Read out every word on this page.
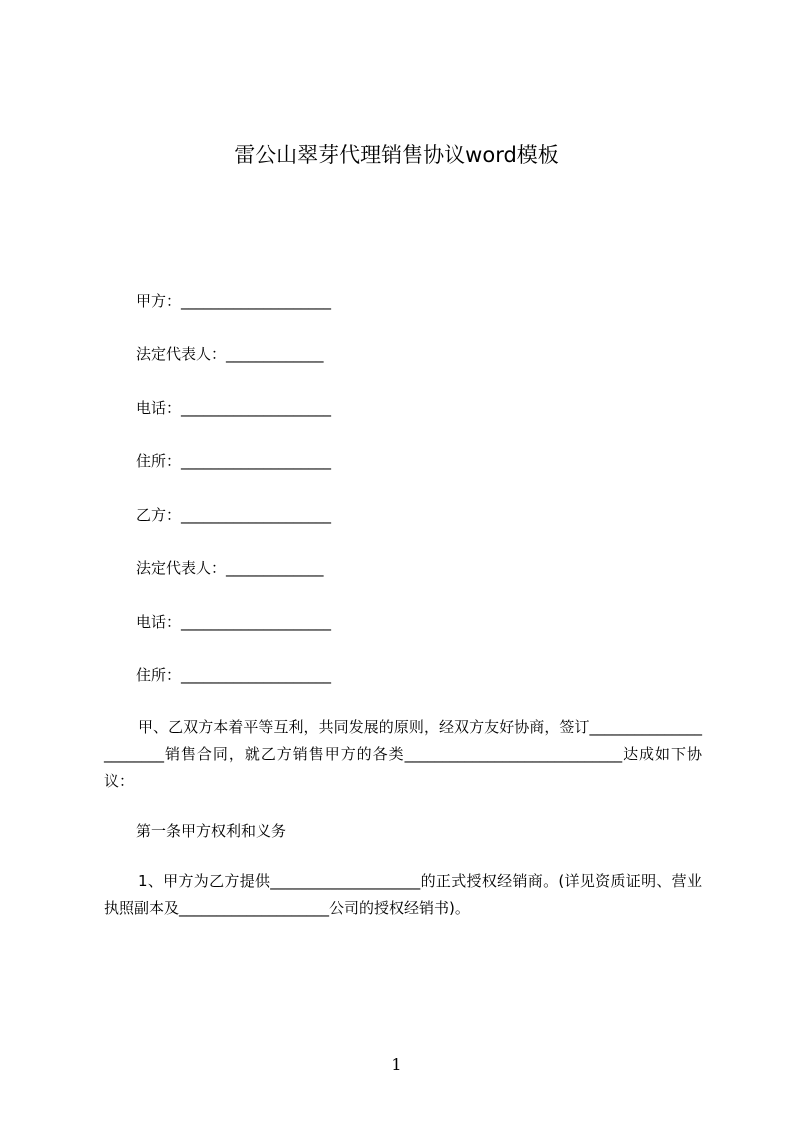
雷公山翠芽代理销售协议word模板
甲方：____________________
法定代表人：_____________
电话：____________________
住所：____________________
乙方：____________________
法定代表人：_____________
电话：____________________
住所：____________________
甲、乙双方本着平等互利，共同发展的原则，经双方友好协商，签订_______________________销售合同，就乙方销售甲方的各类_____________________________达成如下协议：
第一条甲方权利和义务
1、甲方为乙方提供____________________的正式授权经销商。(详见资质证明、营业执照副本及____________________公司的授权经销书)。
1
